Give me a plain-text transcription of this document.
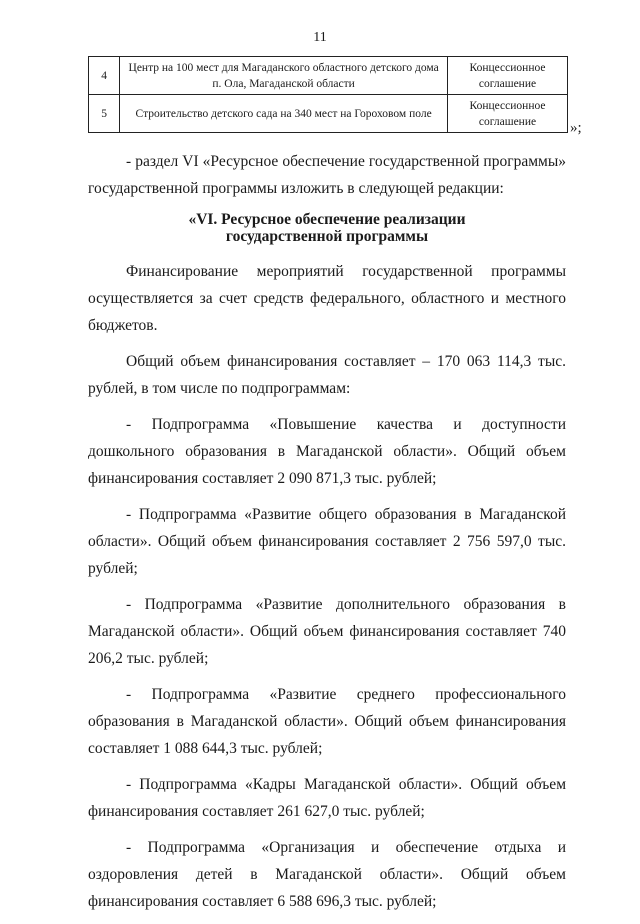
11
4	Центр на 100 мест для Магаданского областного детского дома п. Ола, Магаданской области	Концессионное соглашение
5	Строительство детского сада на 340 мест на Гороховом поле	Концессионное соглашение »;

- раздел VI «Ресурсное обеспечение государственной программы» государственной программы изложить в следующей редакции:

«VI. Ресурсное обеспечение реализации
государственной программы

Финансирование мероприятий государственной программы осуществляется за счет средств федерального, областного и местного бюджетов.

Общий объем финансирования составляет – 170 063 114,3 тыс. рублей, в том числе по подпрограммам:

- Подпрограмма «Повышение качества и доступности дошкольного образования в Магаданской области». Общий объем финансирования составляет 2 090 871,3 тыс. рублей;

- Подпрограмма «Развитие общего образования в Магаданской области». Общий объем финансирования составляет 2 756 597,0 тыс. рублей;

- Подпрограмма «Развитие дополнительного образования в Магаданской области». Общий объем финансирования составляет 740 206,2 тыс. рублей;

- Подпрограмма «Развитие среднего профессионального образования в Магаданской области». Общий объем финансирования составляет 1 088 644,3 тыс. рублей;

- Подпрограмма «Кадры Магаданской области». Общий объем финансирования составляет 261 627,0 тыс. рублей;

- Подпрограмма «Организация и обеспечение отдыха и оздоровления детей в Магаданской области». Общий объем финансирования составляет 6 588 696,3 тыс. рублей;
